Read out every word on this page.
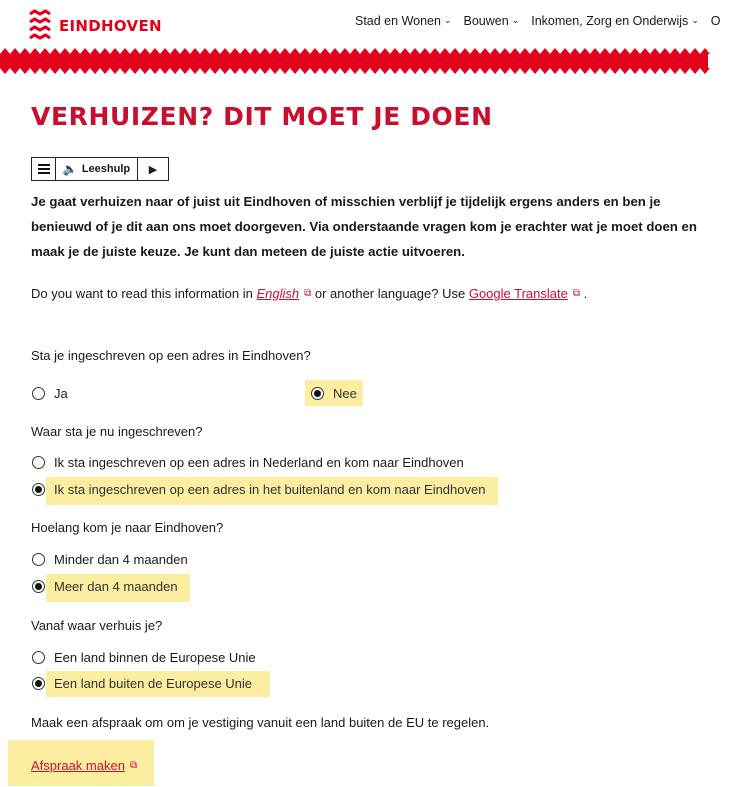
EINDHOVEN	Stad en Wonen ⌄ Bouwen ⌄ Inkomen, Zorg en Onderwijs ⌄ O
VERHUIZEN? DIT MOET JE DOEN
🔈 Leeshulp ▶

Je gaat verhuizen naar of juist uit Eindhoven of misschien verblijf je tijdelijk ergens anders en ben je benieuwd of je dit aan ons moet doorgeven. Via onderstaande vragen kom je erachter wat je moet doen en maak je de juiste keuze. Je kunt dan meteen de juiste actie uitvoeren.

Do you want to read this information in English ⧉ or another language? Use Google Translate ⧉ .

Sta je ingeschreven op een adres in Eindhoven?
Ja	Nee
Waar sta je nu ingeschreven?
Ik sta ingeschreven op een adres in Nederland en kom naar Eindhoven
Ik sta ingeschreven op een adres in het buitenland en kom naar Eindhoven
Hoelang kom je naar Eindhoven?
Minder dan 4 maanden
Meer dan 4 maanden
Vanaf waar verhuis je?
Een land binnen de Europese Unie
Een land buiten de Europese Unie
Maak een afspraak om om je vestiging vanuit een land buiten de EU te regelen.
Afspraak maken ⧉
